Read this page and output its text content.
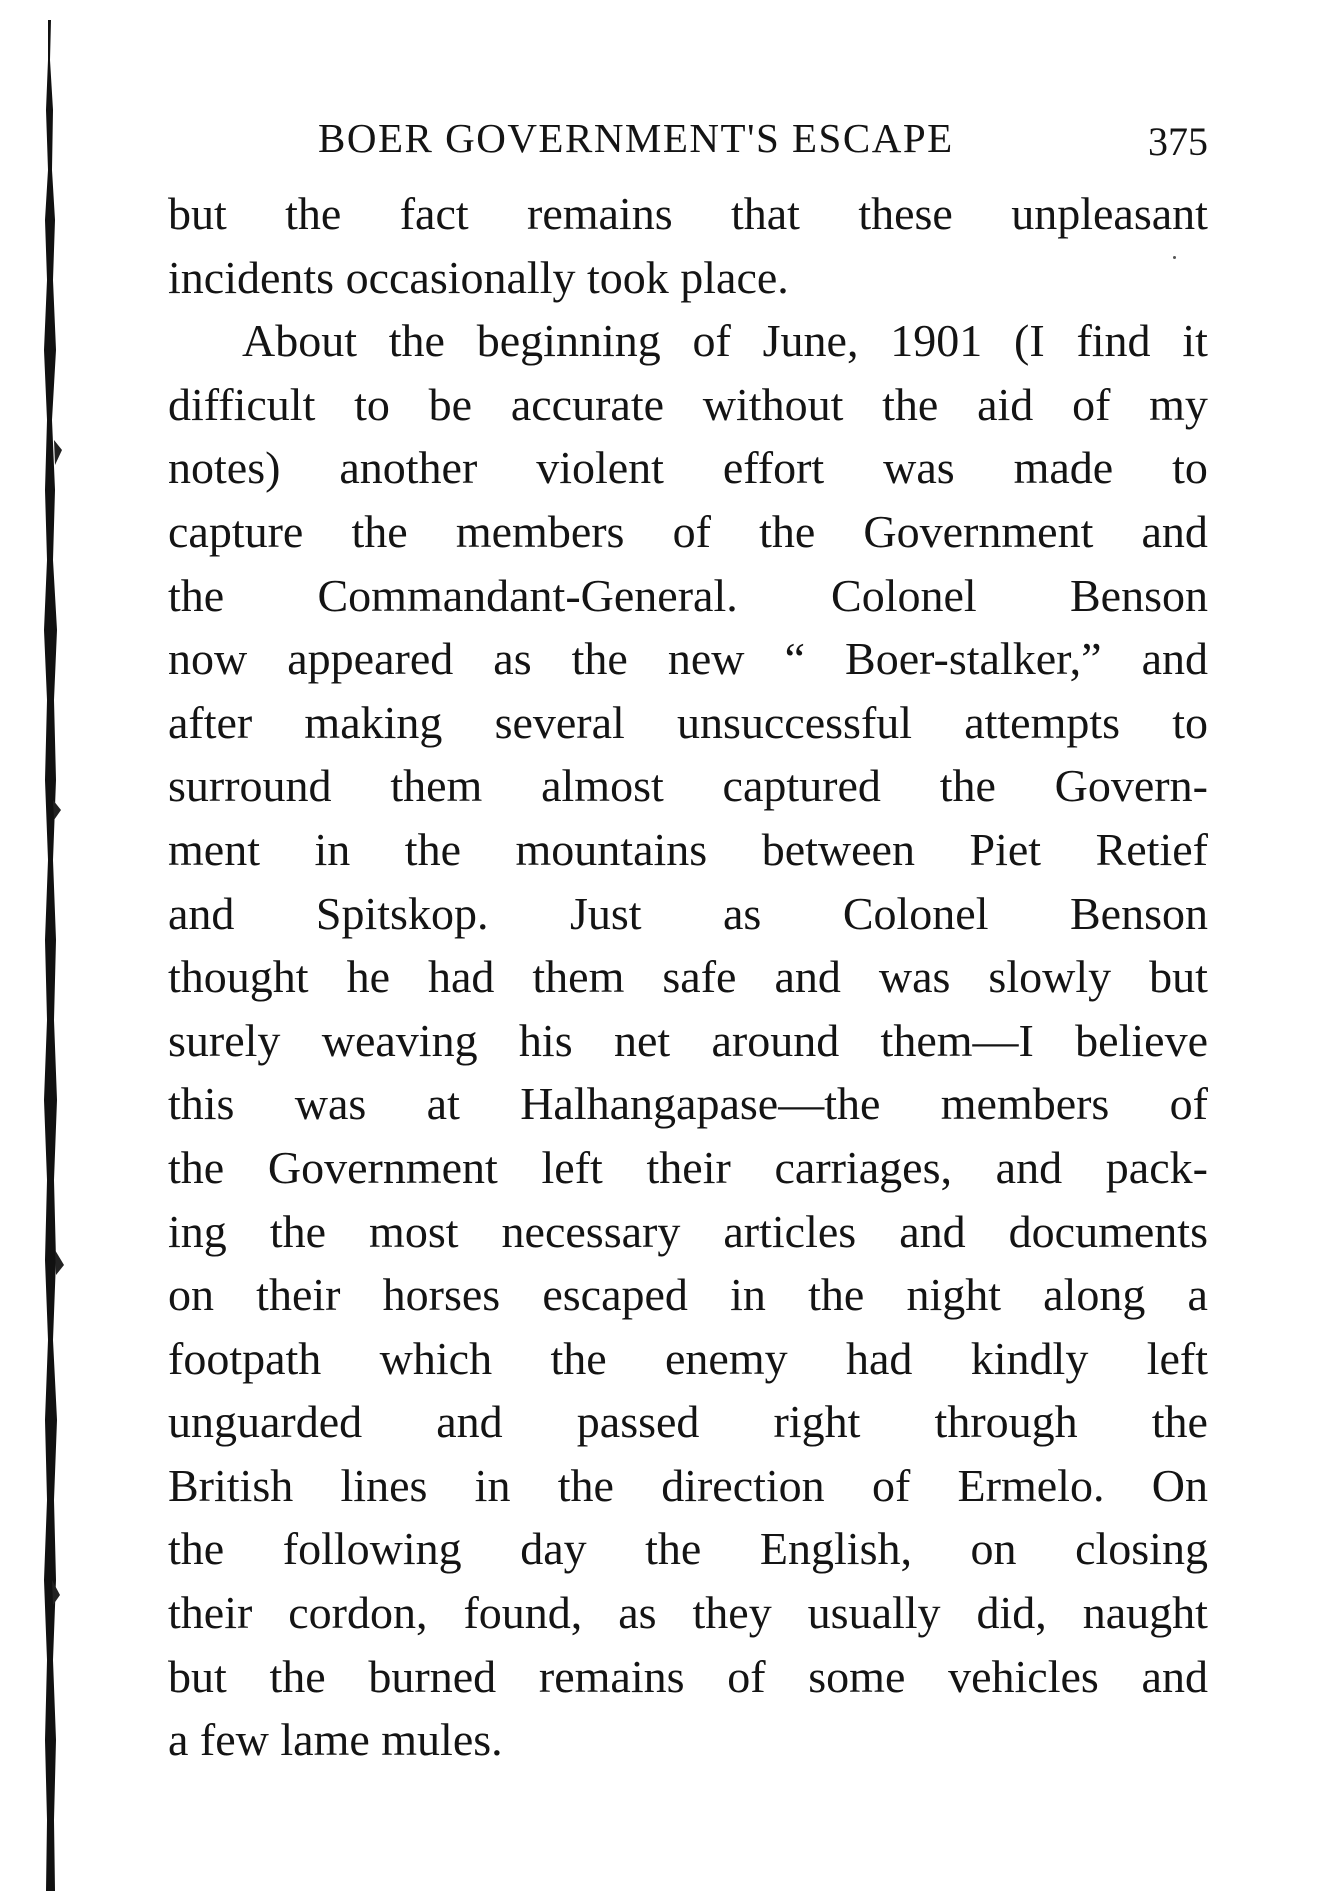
BOER GOVERNMENT'S ESCAPE	375
but the fact remains that these unpleasant
incidents occasionally took place.
About the beginning of June, 1901 (I find it
difficult to be accurate without the aid of my
notes) another violent effort was made to
capture the members of the Government and
the Commandant-General. Colonel Benson
now appeared as the new “ Boer-stalker,” and
after making several unsuccessful attempts to
surround them almost captured the Govern-
ment in the mountains between Piet Retief
and Spitskop. Just as Colonel Benson
thought he had them safe and was slowly but
surely weaving his net around them—I believe
this was at Halhangapase—the members of
the Government left their carriages, and pack-
ing the most necessary articles and documents
on their horses escaped in the night along a
footpath which the enemy had kindly left
unguarded and passed right through the
British lines in the direction of Ermelo. On
the following day the English, on closing
their cordon, found, as they usually did, naught
but the burned remains of some vehicles and
a few lame mules.
